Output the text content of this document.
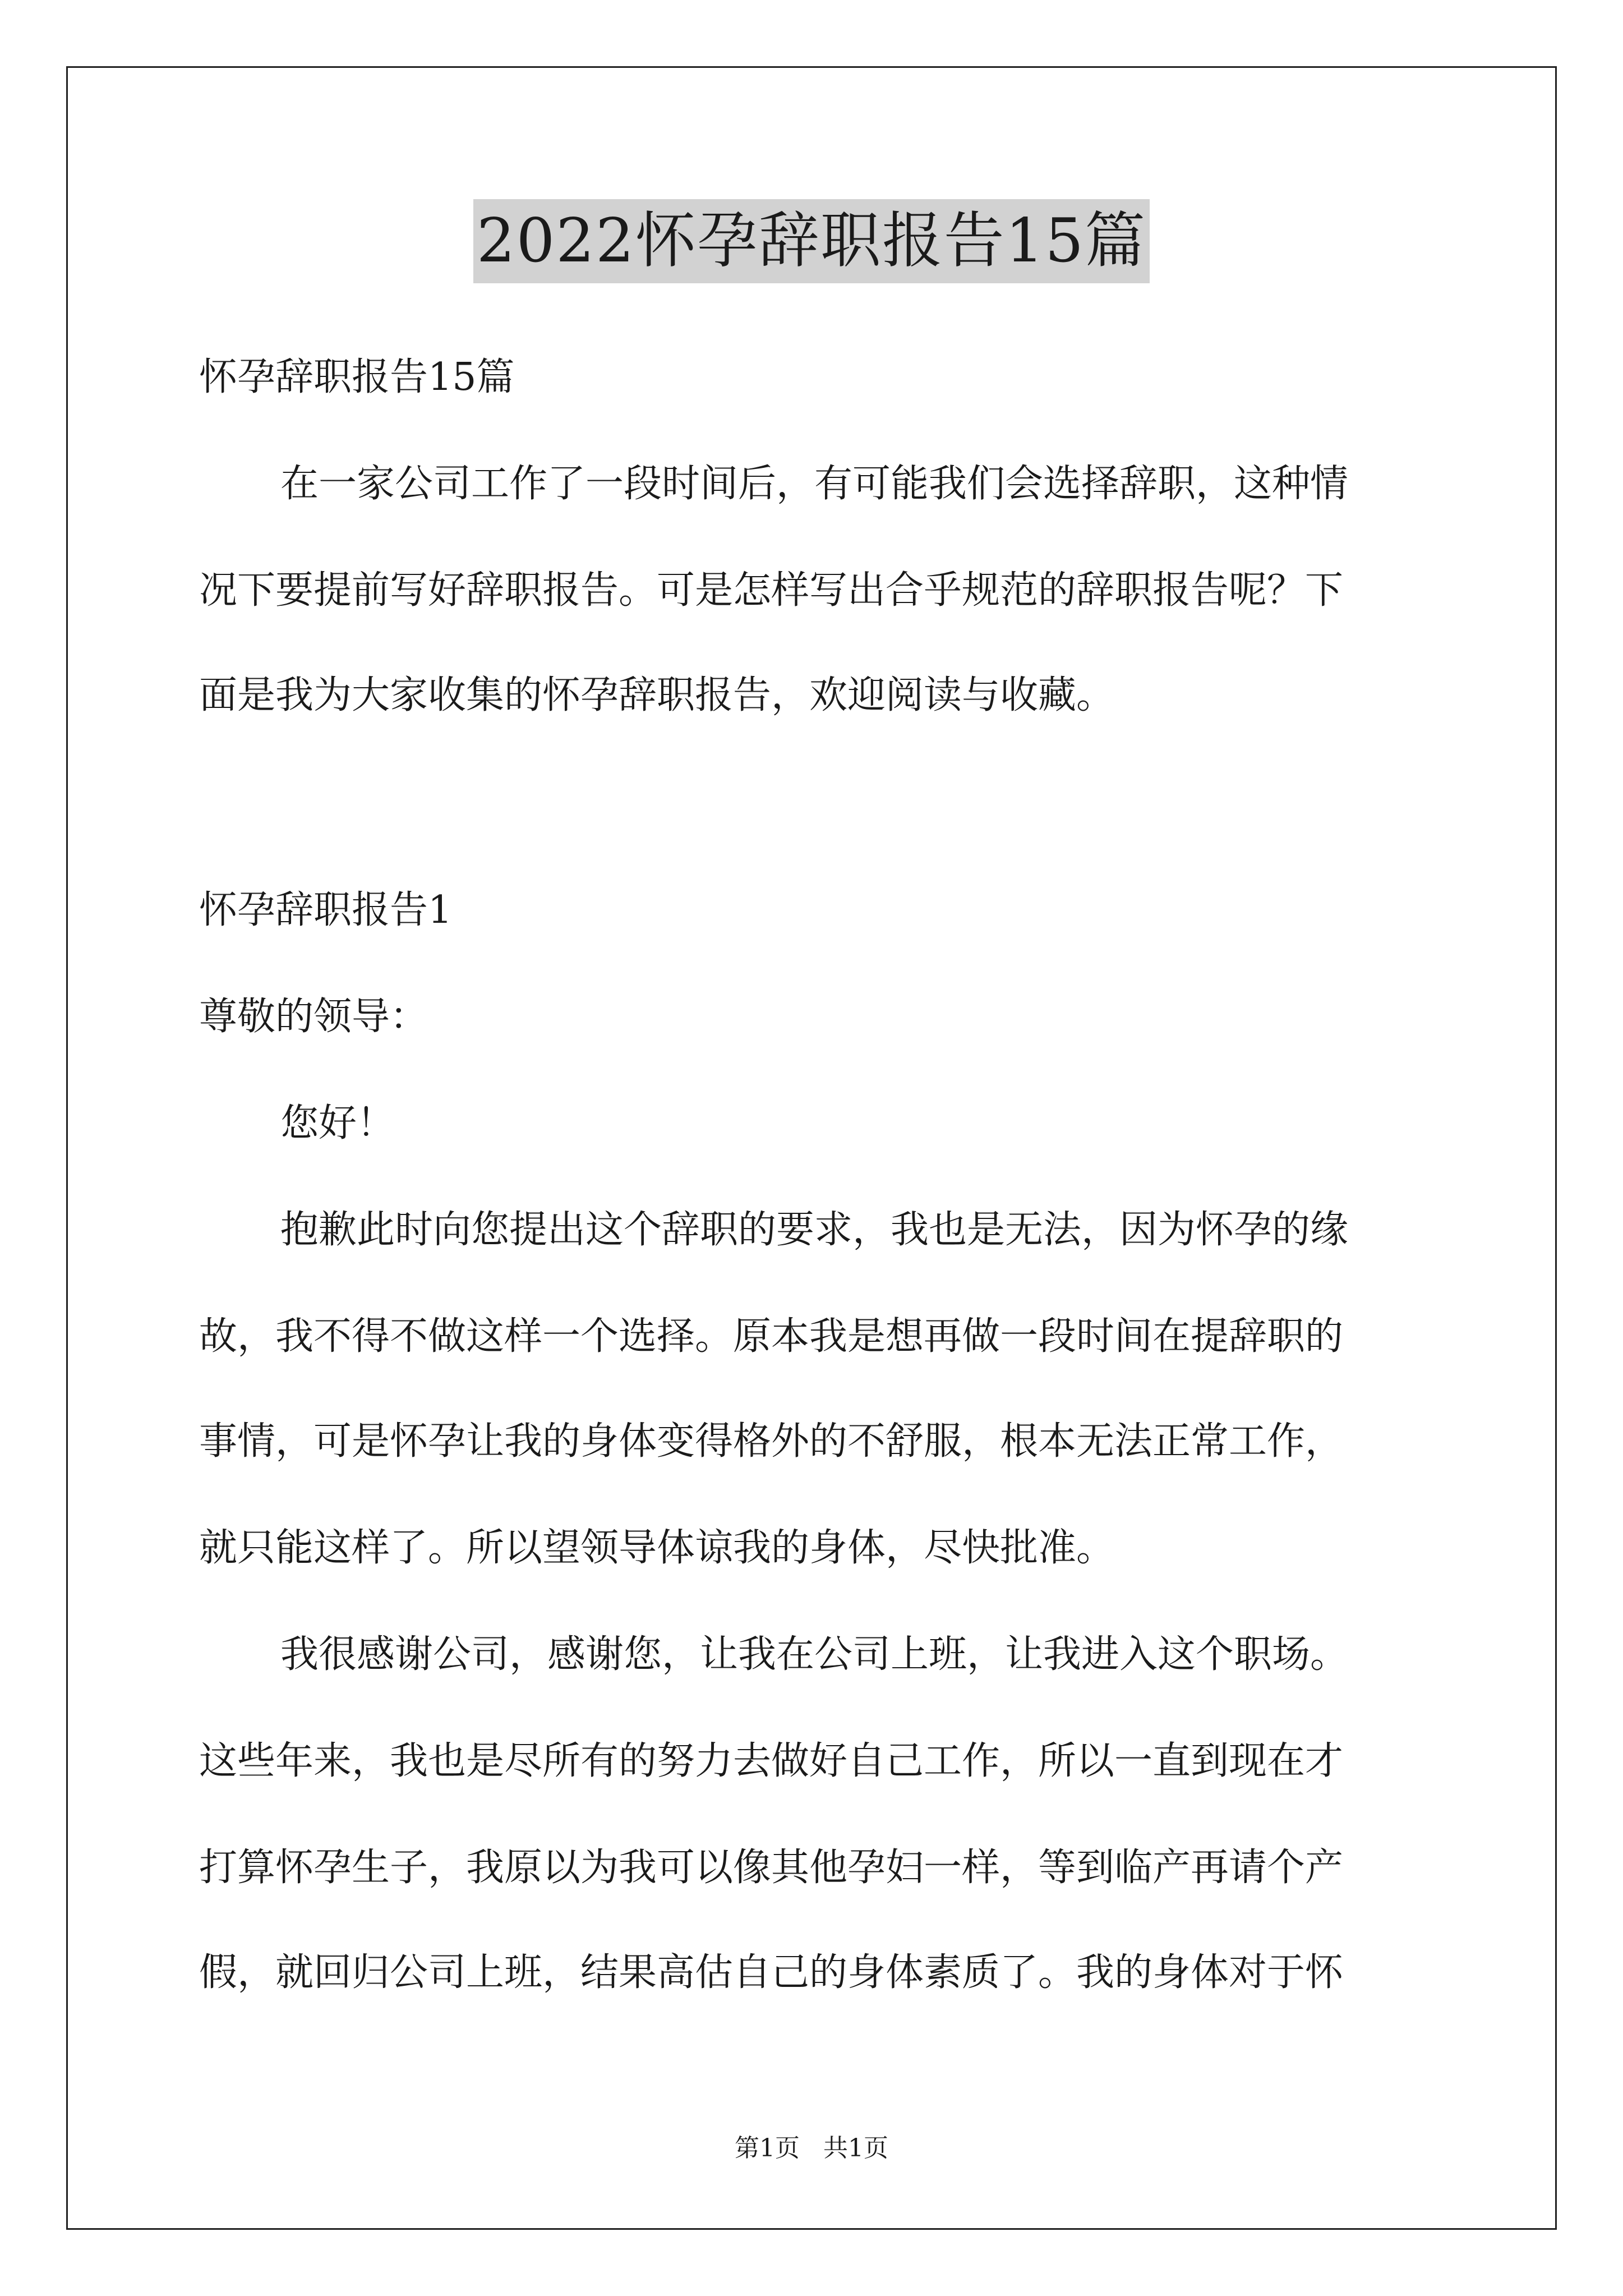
2022怀孕辞职报告15篇
怀孕辞职报告15篇
在一家公司工作了一段时间后，有可能我们会选择辞职，这种情
况下要提前写好辞职报告。可是怎样写出合乎规范的辞职报告呢？下
面是我为大家收集的怀孕辞职报告，欢迎阅读与收藏。
怀孕辞职报告1
尊敬的领导：
您好！
抱歉此时向您提出这个辞职的要求，我也是无法，因为怀孕的缘
故，我不得不做这样一个选择。原本我是想再做一段时间在提辞职的
事情，可是怀孕让我的身体变得格外的不舒服，根本无法正常工作，
就只能这样了。所以望领导体谅我的身体，尽快批准。
我很感谢公司，感谢您，让我在公司上班，让我进入这个职场。
这些年来，我也是尽所有的努力去做好自己工作，所以一直到现在才
打算怀孕生子，我原以为我可以像其他孕妇一样，等到临产再请个产
假，就回归公司上班，结果高估自己的身体素质了。我的身体对于怀
第1页   共1页
